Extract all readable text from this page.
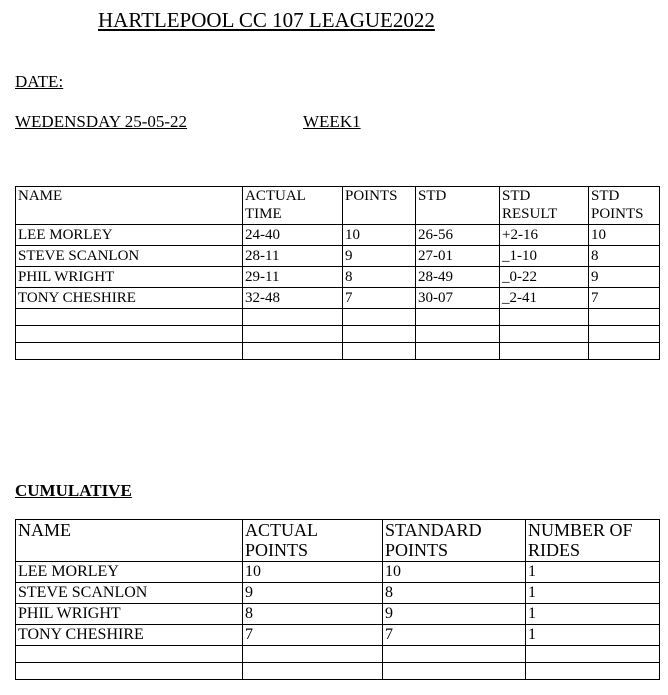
HARTLEPOOL CC 107 LEAGUE2022
DATE:
WEDENSDAY 25-05-22	WEEK1
NAME	ACTUAL TIME	POINTS	STD	STD RESULT	STD POINTS
LEE MORLEY	24-40	10	26-56	+2-16	10
STEVE SCANLON	28-11	9	27-01	_1-10	8
PHIL WRIGHT	29-11	8	28-49	_0-22	9
TONY CHESHIRE	32-48	7	30-07	_2-41	7

CUMULATIVE
NAME	ACTUAL POINTS	STANDARD POINTS	NUMBER OF RIDES
LEE MORLEY	10	10	1
STEVE SCANLON	9	8	1
PHIL WRIGHT	8	9	1
TONY CHESHIRE	7	7	1
